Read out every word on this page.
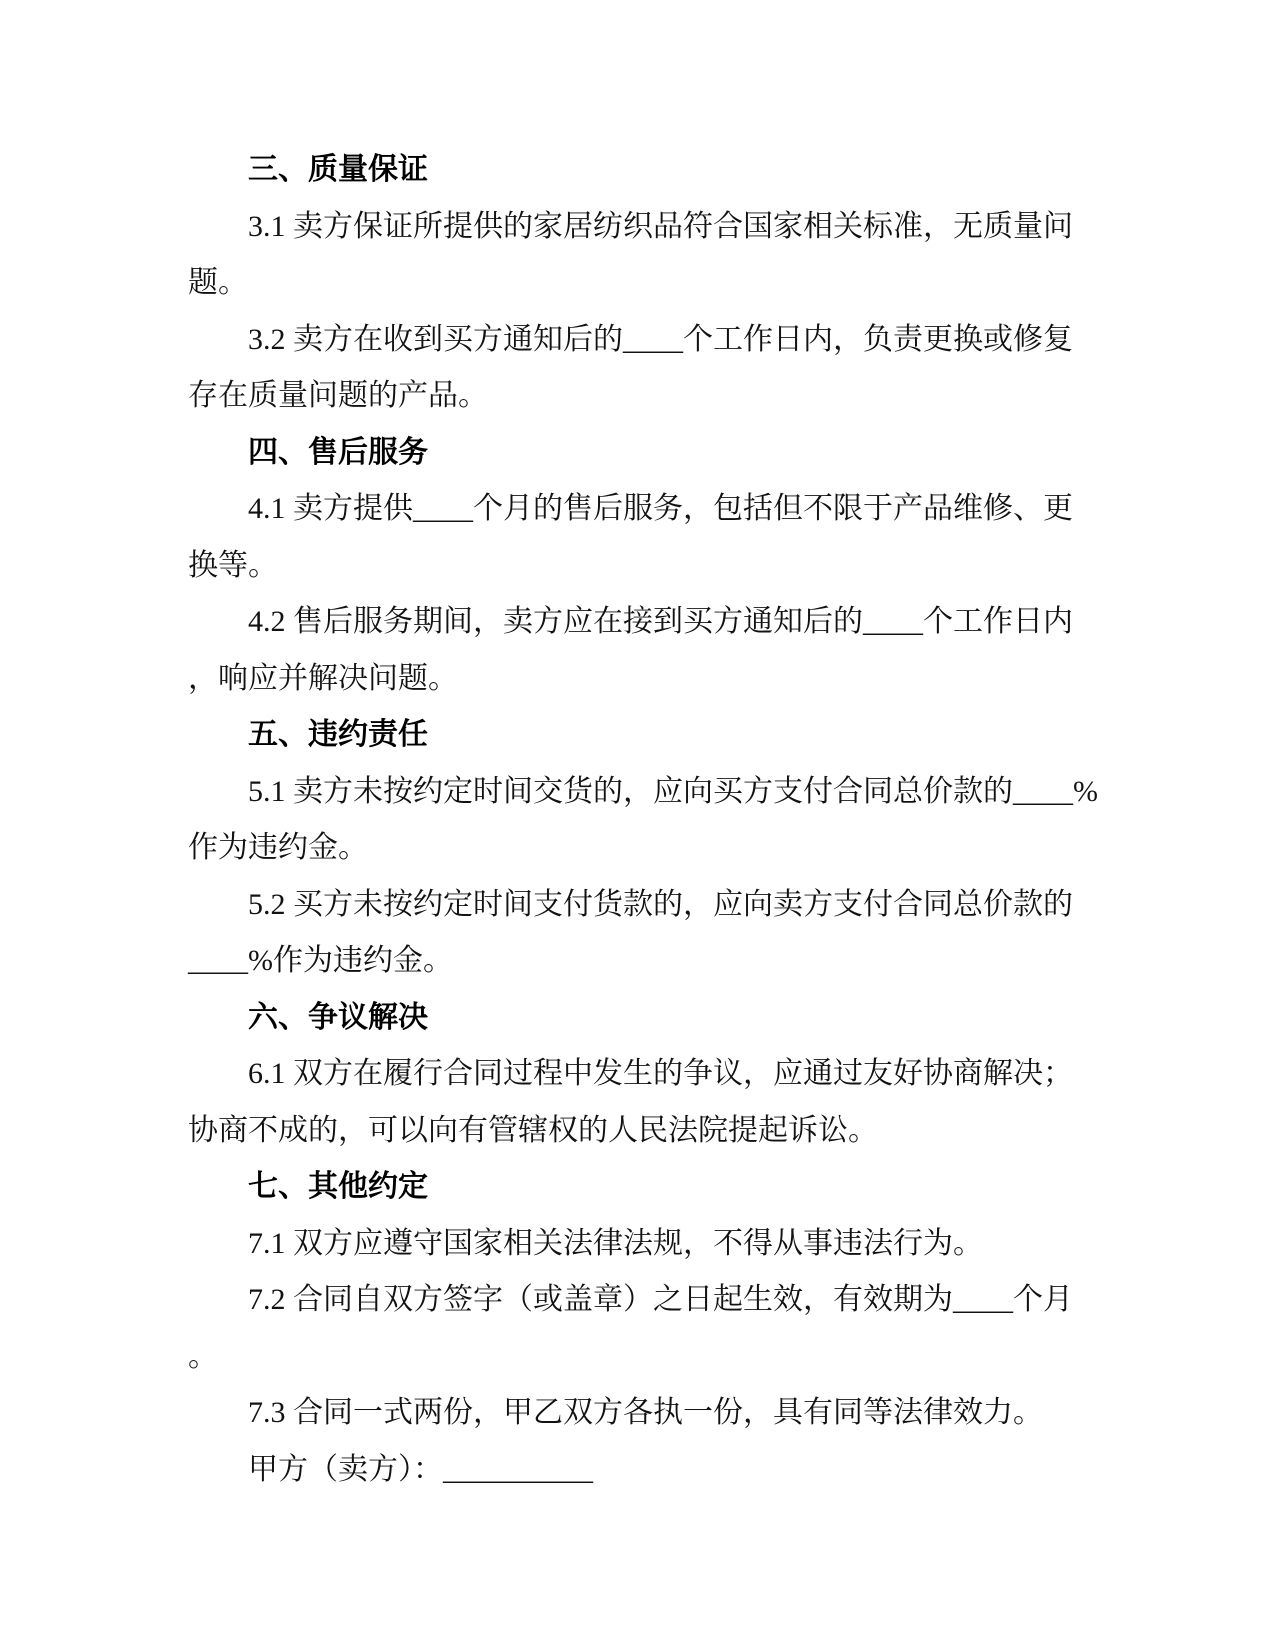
三、质量保证
3.1 卖方保证所提供的家居纺织品符合国家相关标准，无质量问
题。
3.2 卖方在收到买方通知后的____个工作日内，负责更换或修复
存在质量问题的产品。
四、售后服务
4.1 卖方提供____个月的售后服务，包括但不限于产品维修、更
换等。
4.2 售后服务期间，卖方应在接到买方通知后的____个工作日内
，响应并解决问题。
五、违约责任
5.1 卖方未按约定时间交货的，应向买方支付合同总价款的____%
作为违约金。
5.2 买方未按约定时间支付货款的，应向卖方支付合同总价款的
____%作为违约金。
六、争议解决
6.1 双方在履行合同过程中发生的争议，应通过友好协商解决；
协商不成的，可以向有管辖权的人民法院提起诉讼。
七、其他约定
7.1 双方应遵守国家相关法律法规，不得从事违法行为。
7.2 合同自双方签字（或盖章）之日起生效，有效期为____个月
。
7.3 合同一式两份，甲乙双方各执一份，具有同等法律效力。
甲方（卖方）：__________
